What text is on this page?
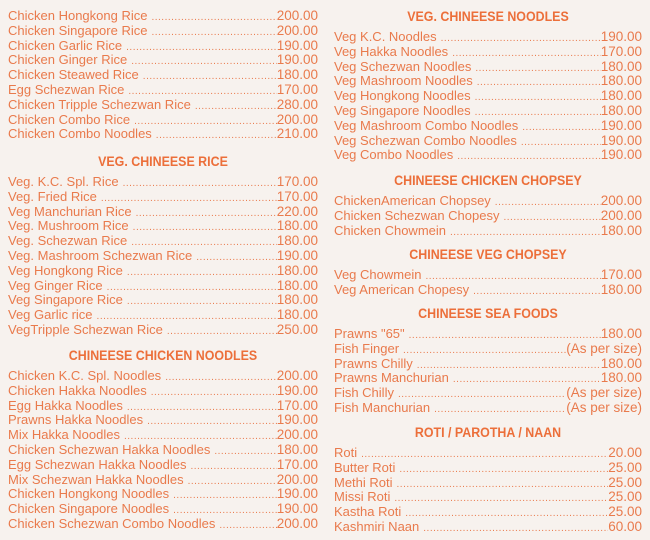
Chicken Hongkong Rice .....	200.00
Chicken Singapore Rice .....	200.00
Chicken Garlic Rice .....	190.00
Chicken Ginger Rice .....	190.00
Chicken Steawed Rice .....	180.00
Egg Schezwan Rice .....	170.00
Chicken Tripple Schezwan Rice .....	280.00
Chicken Combo Rice .....	200.00
Chicken Combo Noodles .....	210.00
VEG. CHINEESE RICE
Veg. K.C. Spl. Rice .....	170.00
Veg. Fried Rice .....	170.00
Veg Manchurian Rice .....	220.00
Veg. Mushroom Rice .....	180.00
Veg. Schezwan Rice .....	180.00
Veg. Mashroom Schezwan Rice .....	190.00
Veg Hongkong Rice .....	180.00
Veg Ginger Rice .....	180.00
Veg Singapore Rice .....	180.00
Veg Garlic rice .....	180.00
VegTripple Schezwan Rice .....	250.00
CHINEESE CHICKEN NOODLES
Chicken K.C. Spl. Noodles .....	200.00
Chicken Hakka Noodles .....	190.00
Egg Hakka Noodles .....	170.00
Prawns Hakka Noodles .....	190.00
Mix Hakka Noodles .....	200.00
Chicken Schezwan Hakka Noodles .....	180.00
Egg Schezwan Hakka Noodles .....	170.00
Mix Schezwan Hakka Noodles .....	200.00
Chicken Hongkong Noodles .....	190.00
Chicken Singapore Noodles .....	190.00
Chicken Schezwan Combo Noodles .....	200.00
VEG. CHINEESE NOODLES
Veg K.C. Noodles .....	190.00
Veg Hakka Noodles .....	170.00
Veg Schezwan Noodles .....	180.00
Veg Mashroom Noodles .....	180.00
Veg Hongkong Noodles .....	180.00
Veg Singapore Noodles .....	180.00
Veg Mashroom Combo Noodles .....	190.00
Veg Schezwan Combo Noodles .....	190.00
Veg Combo Noodles .....	190.00
CHINEESE CHICKEN CHOPSEY
ChickenAmerican Chopsey .....	200.00
Chicken Schezwan Chopesy .....	200.00
Chicken Chowmein .....	180.00
CHINEESE VEG CHOPSEY
Veg Chowmein .....	170.00
Veg American Chopesy .....	180.00
CHINEESE SEA FOODS
Prawns "65" .....	180.00
Fish Finger .....	(As per size)
Prawns Chilly .....	180.00
Prawns Manchurian .....	180.00
Fish Chilly .....	(As per size)
Fish Manchurian .....	(As per size)
ROTI / PAROTHA / NAAN
Roti .....	20.00
Butter Roti .....	25.00
Methi Roti .....	25.00
Missi Roti .....	25.00
Kastha Roti .....	25.00
Kashmiri Naan .....	60.00
